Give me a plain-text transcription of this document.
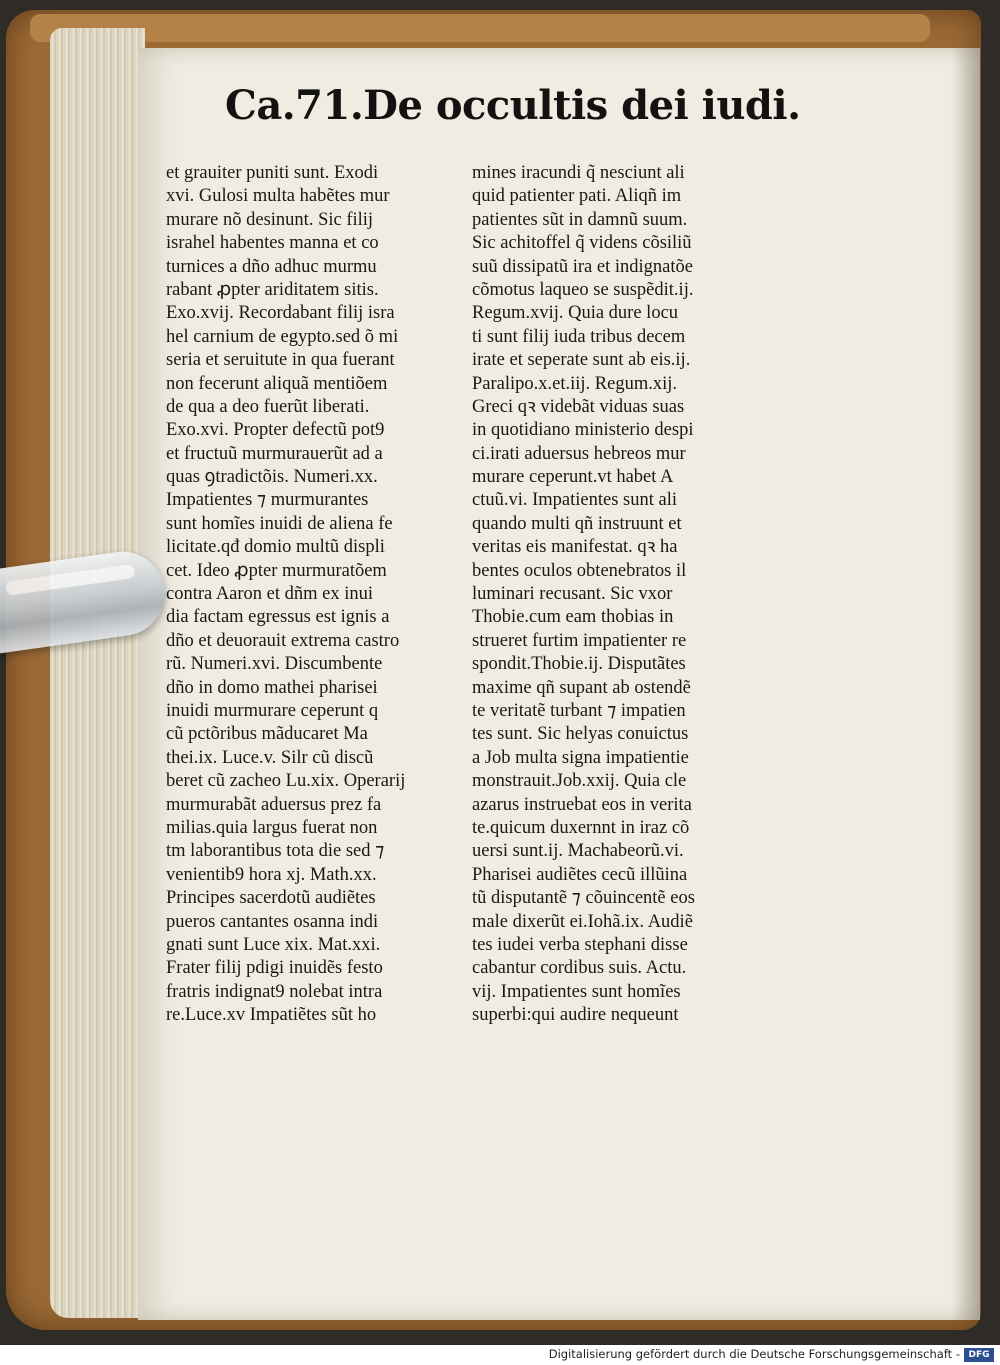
Ca.71.De occultis dei iudi.
et grauiter puniti sunt. Exodi
xvi. Gulosi multa habẽtes mur
murare nõ desinunt. Sic filij
israhel habentes manna et co
turnices a dño adhuc murmu
rabant ꝓpter ariditatem sitis.
Exo.xvij. Recordabant filij isra
hel carnium de egypto.sed õ mi
seria et seruitute in qua fuerant
non fecerunt aliquã mentiõem
de qua a deo fuerũt liberati.
Exo.xvi. Propter defectũ pot9
et fructuũ murmurauerũt ad a
quas ꝯtradictõis. Numeri.xx.
Impatientes ⁊ murmurantes
sunt homĩes inuidi de aliena fe
licitate.qđ domio multũ displi
cet. Ideo ꝓpter murmuratõem
contra Aaron et dñm ex inui
dia factam egressus est ignis a
dño et deuorauit extrema castro
rũ. Numeri.xvi. Discumbente
dño in domo mathei pharisei
inuidi murmurare ceperunt q
cũ pctõribus mãducaret Ma
thei.ix. Luce.v. Silr cũ discũ
beret cũ zacheo Lu.xix. Operarij
murmurabãt aduersus prez fa
milias.quia largus fuerat non
tm laborantibus tota die sed ⁊
venientib9 hora xj. Math.xx.
Principes sacerdotũ audiẽtes
pueros cantantes osanna indi
gnati sunt Luce xix. Mat.xxi.
Frater filij pdigi inuidẽs festo
fratris indignat9 nolebat intra
re.Luce.xv Impatiẽtes sũt ho
mines iracundi q̃ nesciunt ali
quid patienter pati. Aliqñ im
patientes sũt in damnũ suum.
Sic achitoffel q̃ videns cõsiliũ
suũ dissipatũ ira et indignatõe
cõmotus laqueo se suspẽdit.ij.
Regum.xvij. Quia dure locu
ti sunt filij iuda tribus decem
irate et seperate sunt ab eis.ij.
Paralipo.x.et.iij. Regum.xij.
Greci qꝛ videbãt viduas suas
in quotidiano ministerio despi
ci.irati aduersus hebreos mur
murare ceperunt.vt habet A
ctuũ.vi. Impatientes sunt ali
quando multi qñ instruunt et
veritas eis manifestat. qꝛ ha
bentes oculos obtenebratos il
luminari recusant. Sic vxor
Thobie.cum eam thobias in
strueret furtim impatienter re
spondit.Thobie.ij. Disputãtes
maxime qñ supant ab ostendẽ
te veritatẽ turbant ⁊ impatien
tes sunt. Sic helyas conuictus
a Job multa signa impatientie
monstrauit.Job.xxij. Quia cle
azarus instruebat eos in verita
te.quicum duxernnt in iraz cõ
uersi sunt.ij. Machabeorũ.vi.
Pharisei audiẽtes cecũ illũina
tũ disputantẽ ⁊ cõuincentẽ eos
male dixerũt ei.Iohã.ix. Audiẽ
tes iudei verba stephani disse
cabantur cordibus suis. Actu.
vij. Impatientes sunt homĩes
superbi:qui audire nequeunt
Digitalisierung gefördert durch die Deutsche Forschungsgemeinschaft - DFG
